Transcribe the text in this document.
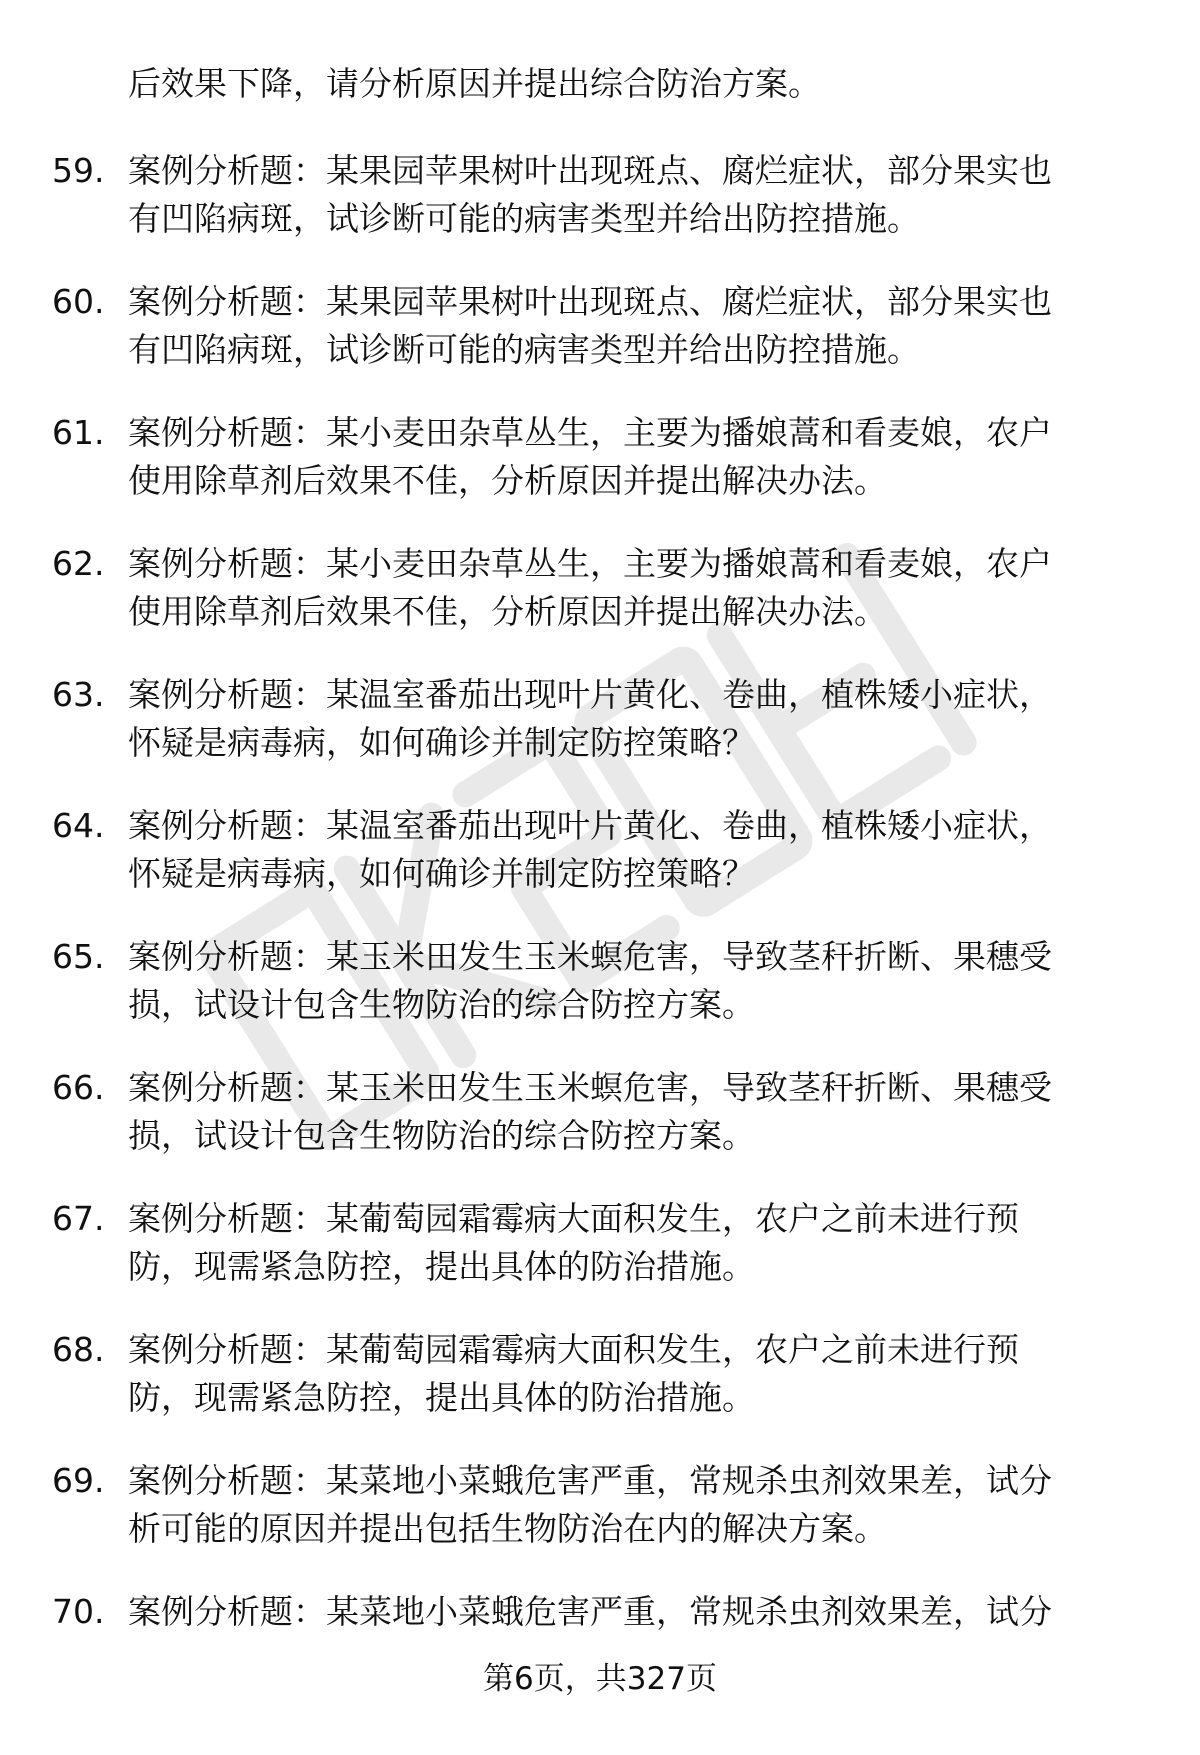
后效果下降，请分析原因并提出综合防治方案。
59. 案例分析题：某果园苹果树叶出现斑点、腐烂症状，部分果实也
有凹陷病斑，试诊断可能的病害类型并给出防控措施。
60. 案例分析题：某果园苹果树叶出现斑点、腐烂症状，部分果实也
有凹陷病斑，试诊断可能的病害类型并给出防控措施。
61. 案例分析题：某小麦田杂草丛生，主要为播娘蒿和看麦娘，农户
使用除草剂后效果不佳，分析原因并提出解决办法。
62. 案例分析题：某小麦田杂草丛生，主要为播娘蒿和看麦娘，农户
使用除草剂后效果不佳，分析原因并提出解决办法。
63. 案例分析题：某温室番茄出现叶片黄化、卷曲，植株矮小症状，
怀疑是病毒病，如何确诊并制定防控策略？
64. 案例分析题：某温室番茄出现叶片黄化、卷曲，植株矮小症状，
怀疑是病毒病，如何确诊并制定防控策略？
65. 案例分析题：某玉米田发生玉米螟危害，导致茎秆折断、果穗受
损，试设计包含生物防治的综合防控方案。
66. 案例分析题：某玉米田发生玉米螟危害，导致茎秆折断、果穗受
损，试设计包含生物防治的综合防控方案。
67. 案例分析题：某葡萄园霜霉病大面积发生，农户之前未进行预
防，现需紧急防控，提出具体的防治措施。
68. 案例分析题：某葡萄园霜霉病大面积发生，农户之前未进行预
防，现需紧急防控，提出具体的防治措施。
69. 案例分析题：某菜地小菜蛾危害严重，常规杀虫剂效果差，试分
析可能的原因并提出包括生物防治在内的解决方案。
70. 案例分析题：某菜地小菜蛾危害严重，常规杀虫剂效果差，试分
第6页，共327页
